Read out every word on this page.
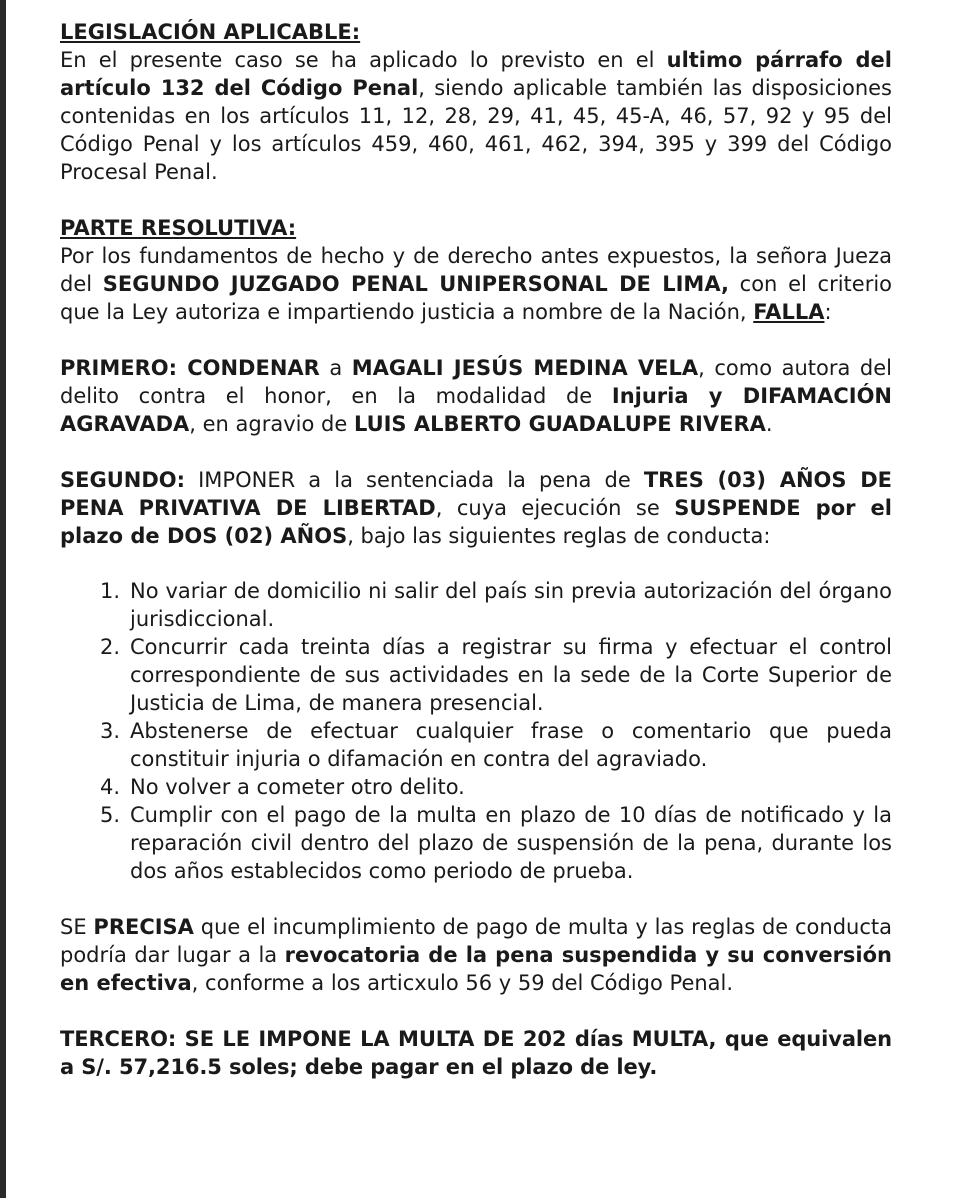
LEGISLACIÓN APLICABLE:

En el presente caso se ha aplicado lo previsto en el ultimo párrafo del artículo 132 del Código Penal, siendo aplicable también las disposiciones contenidas en los artículos 11, 12, 28, 29, 41, 45, 45-A, 46, 57, 92 y 95 del Código Penal y los artículos 459, 460, 461, 462, 394, 395 y 399 del Código Procesal Penal.

PARTE RESOLUTIVA:

Por los fundamentos de hecho y de derecho antes expuestos, la señora Jueza del SEGUNDO JUZGADO PENAL UNIPERSONAL DE LIMA, con el criterio que la Ley autoriza e impartiendo justicia a nombre de la Nación, FALLA:

PRIMERO: CONDENAR a MAGALI JESÚS MEDINA VELA, como autora del delito contra el honor, en la modalidad de Injuria y DIFAMACIÓN AGRAVADA, en agravio de LUIS ALBERTO GUADALUPE RIVERA.

SEGUNDO: IMPONER a la sentenciada la pena de TRES (03) AÑOS DE PENA PRIVATIVA DE LIBERTAD, cuya ejecución se SUSPENDE por el plazo de DOS (02) AÑOS, bajo las siguientes reglas de conducta:

1. No variar de domicilio ni salir del país sin previa autorización del órgano jurisdiccional.
2. Concurrir cada treinta días a registrar su firma y efectuar el control correspondiente de sus actividades en la sede de la Corte Superior de Justicia de Lima, de manera presencial.
3. Abstenerse de efectuar cualquier frase o comentario que pueda constituir injuria o difamación en contra del agraviado.
4. No volver a cometer otro delito.
5. Cumplir con el pago de la multa en plazo de 10 días de notificado y la reparación civil dentro del plazo de suspensión de la pena, durante los dos años establecidos como periodo de prueba.

SE PRECISA que el incumplimiento de pago de multa y las reglas de conducta podría dar lugar a la revocatoria de la pena suspendida y su conversión en efectiva, conforme a los articxulo 56 y 59 del Código Penal.

TERCERO: SE LE IMPONE LA MULTA DE 202 días MULTA, que equivalen a S/. 57,216.5 soles; debe pagar en el plazo de ley.
